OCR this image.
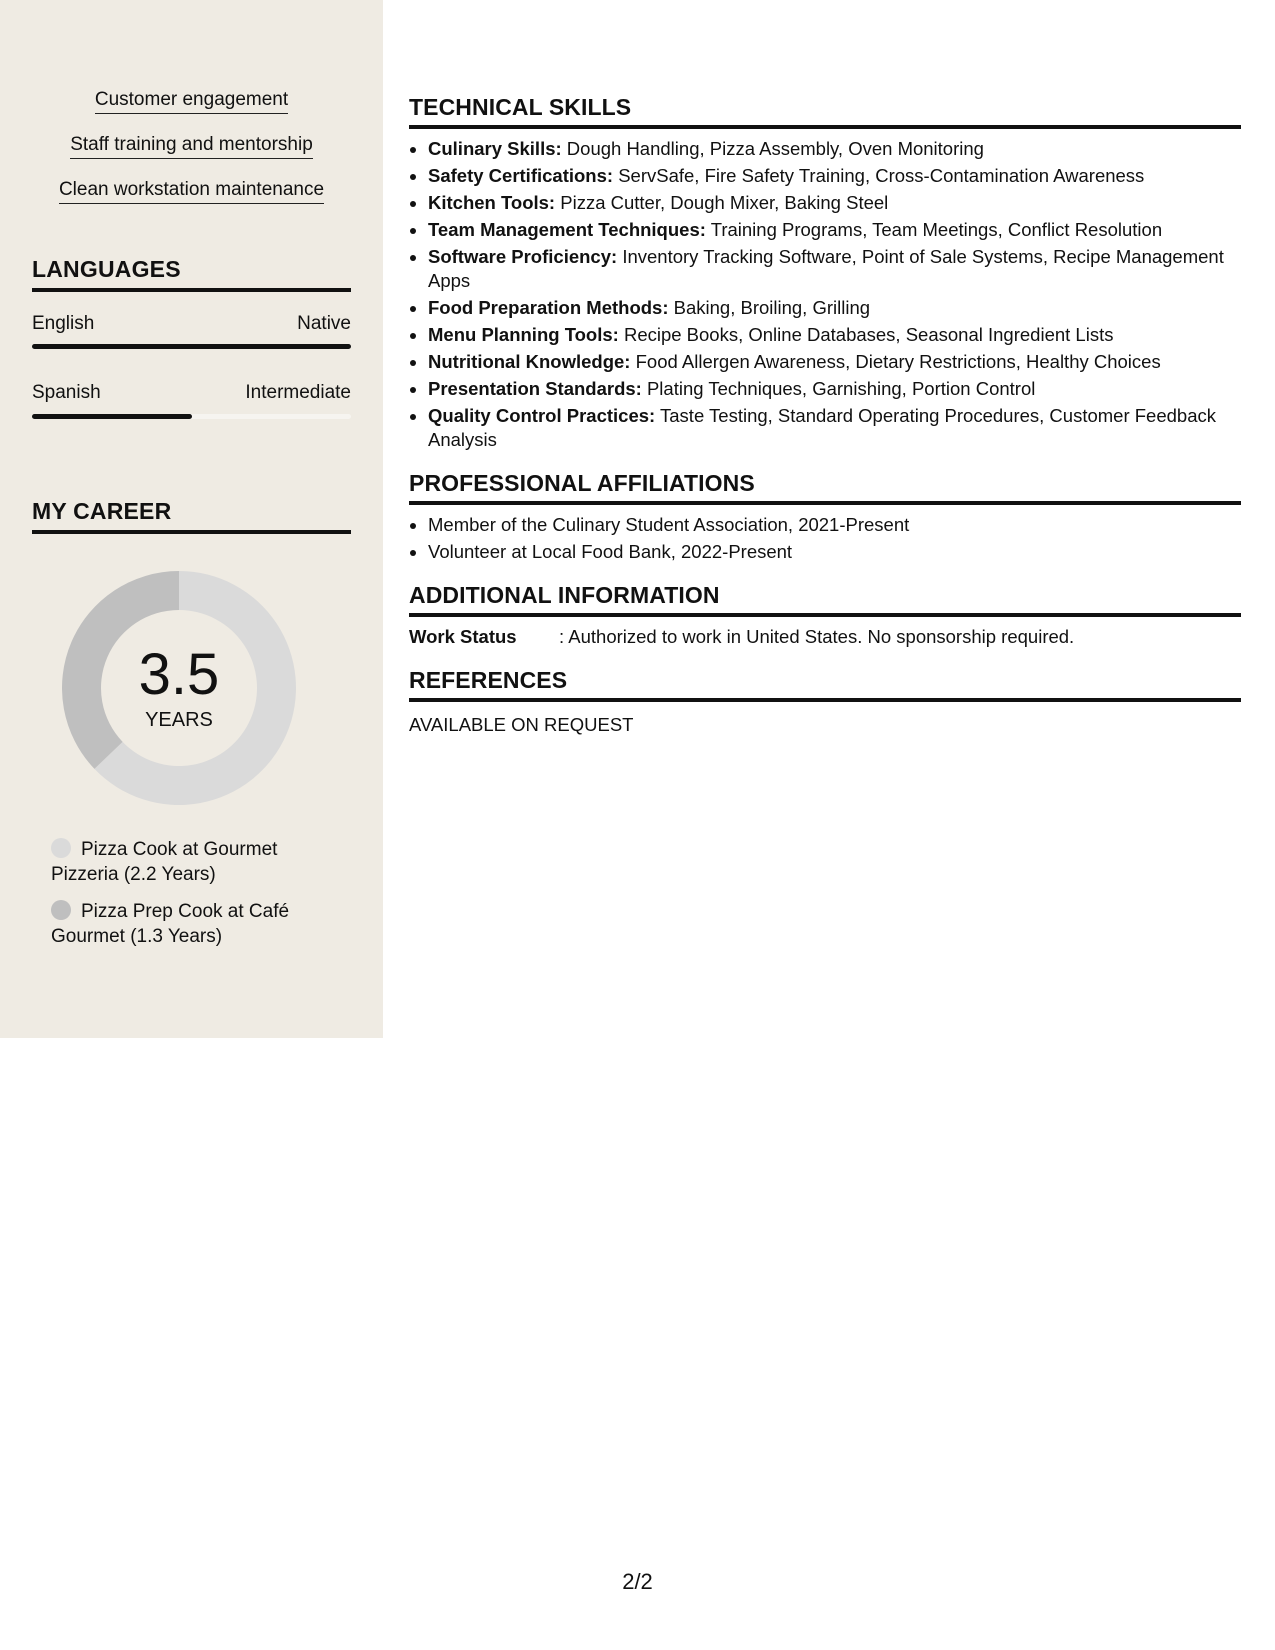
Customer engagement
Staff training and mentorship
Clean workstation maintenance
LANGUAGES
English	Native
Spanish	Intermediate
MY CAREER
3.5
YEARS
Pizza Cook at Gourmet Pizzeria (2.2 Years)
Pizza Prep Cook at Café Gourmet (1.3 Years)
TECHNICAL SKILLS
• Culinary Skills: Dough Handling, Pizza Assembly, Oven Monitoring
• Safety Certifications: ServSafe, Fire Safety Training, Cross-Contamination Awareness
• Kitchen Tools: Pizza Cutter, Dough Mixer, Baking Steel
• Team Management Techniques: Training Programs, Team Meetings, Conflict Resolution
• Software Proficiency: Inventory Tracking Software, Point of Sale Systems, Recipe Management Apps
• Food Preparation Methods: Baking, Broiling, Grilling
• Menu Planning Tools: Recipe Books, Online Databases, Seasonal Ingredient Lists
• Nutritional Knowledge: Food Allergen Awareness, Dietary Restrictions, Healthy Choices
• Presentation Standards: Plating Techniques, Garnishing, Portion Control
• Quality Control Practices: Taste Testing, Standard Operating Procedures, Customer Feedback Analysis
PROFESSIONAL AFFILIATIONS
• Member of the Culinary Student Association, 2021-Present
• Volunteer at Local Food Bank, 2022-Present
ADDITIONAL INFORMATION
Work Status	: Authorized to work in United States. No sponsorship required.
REFERENCES
AVAILABLE ON REQUEST
2/2
